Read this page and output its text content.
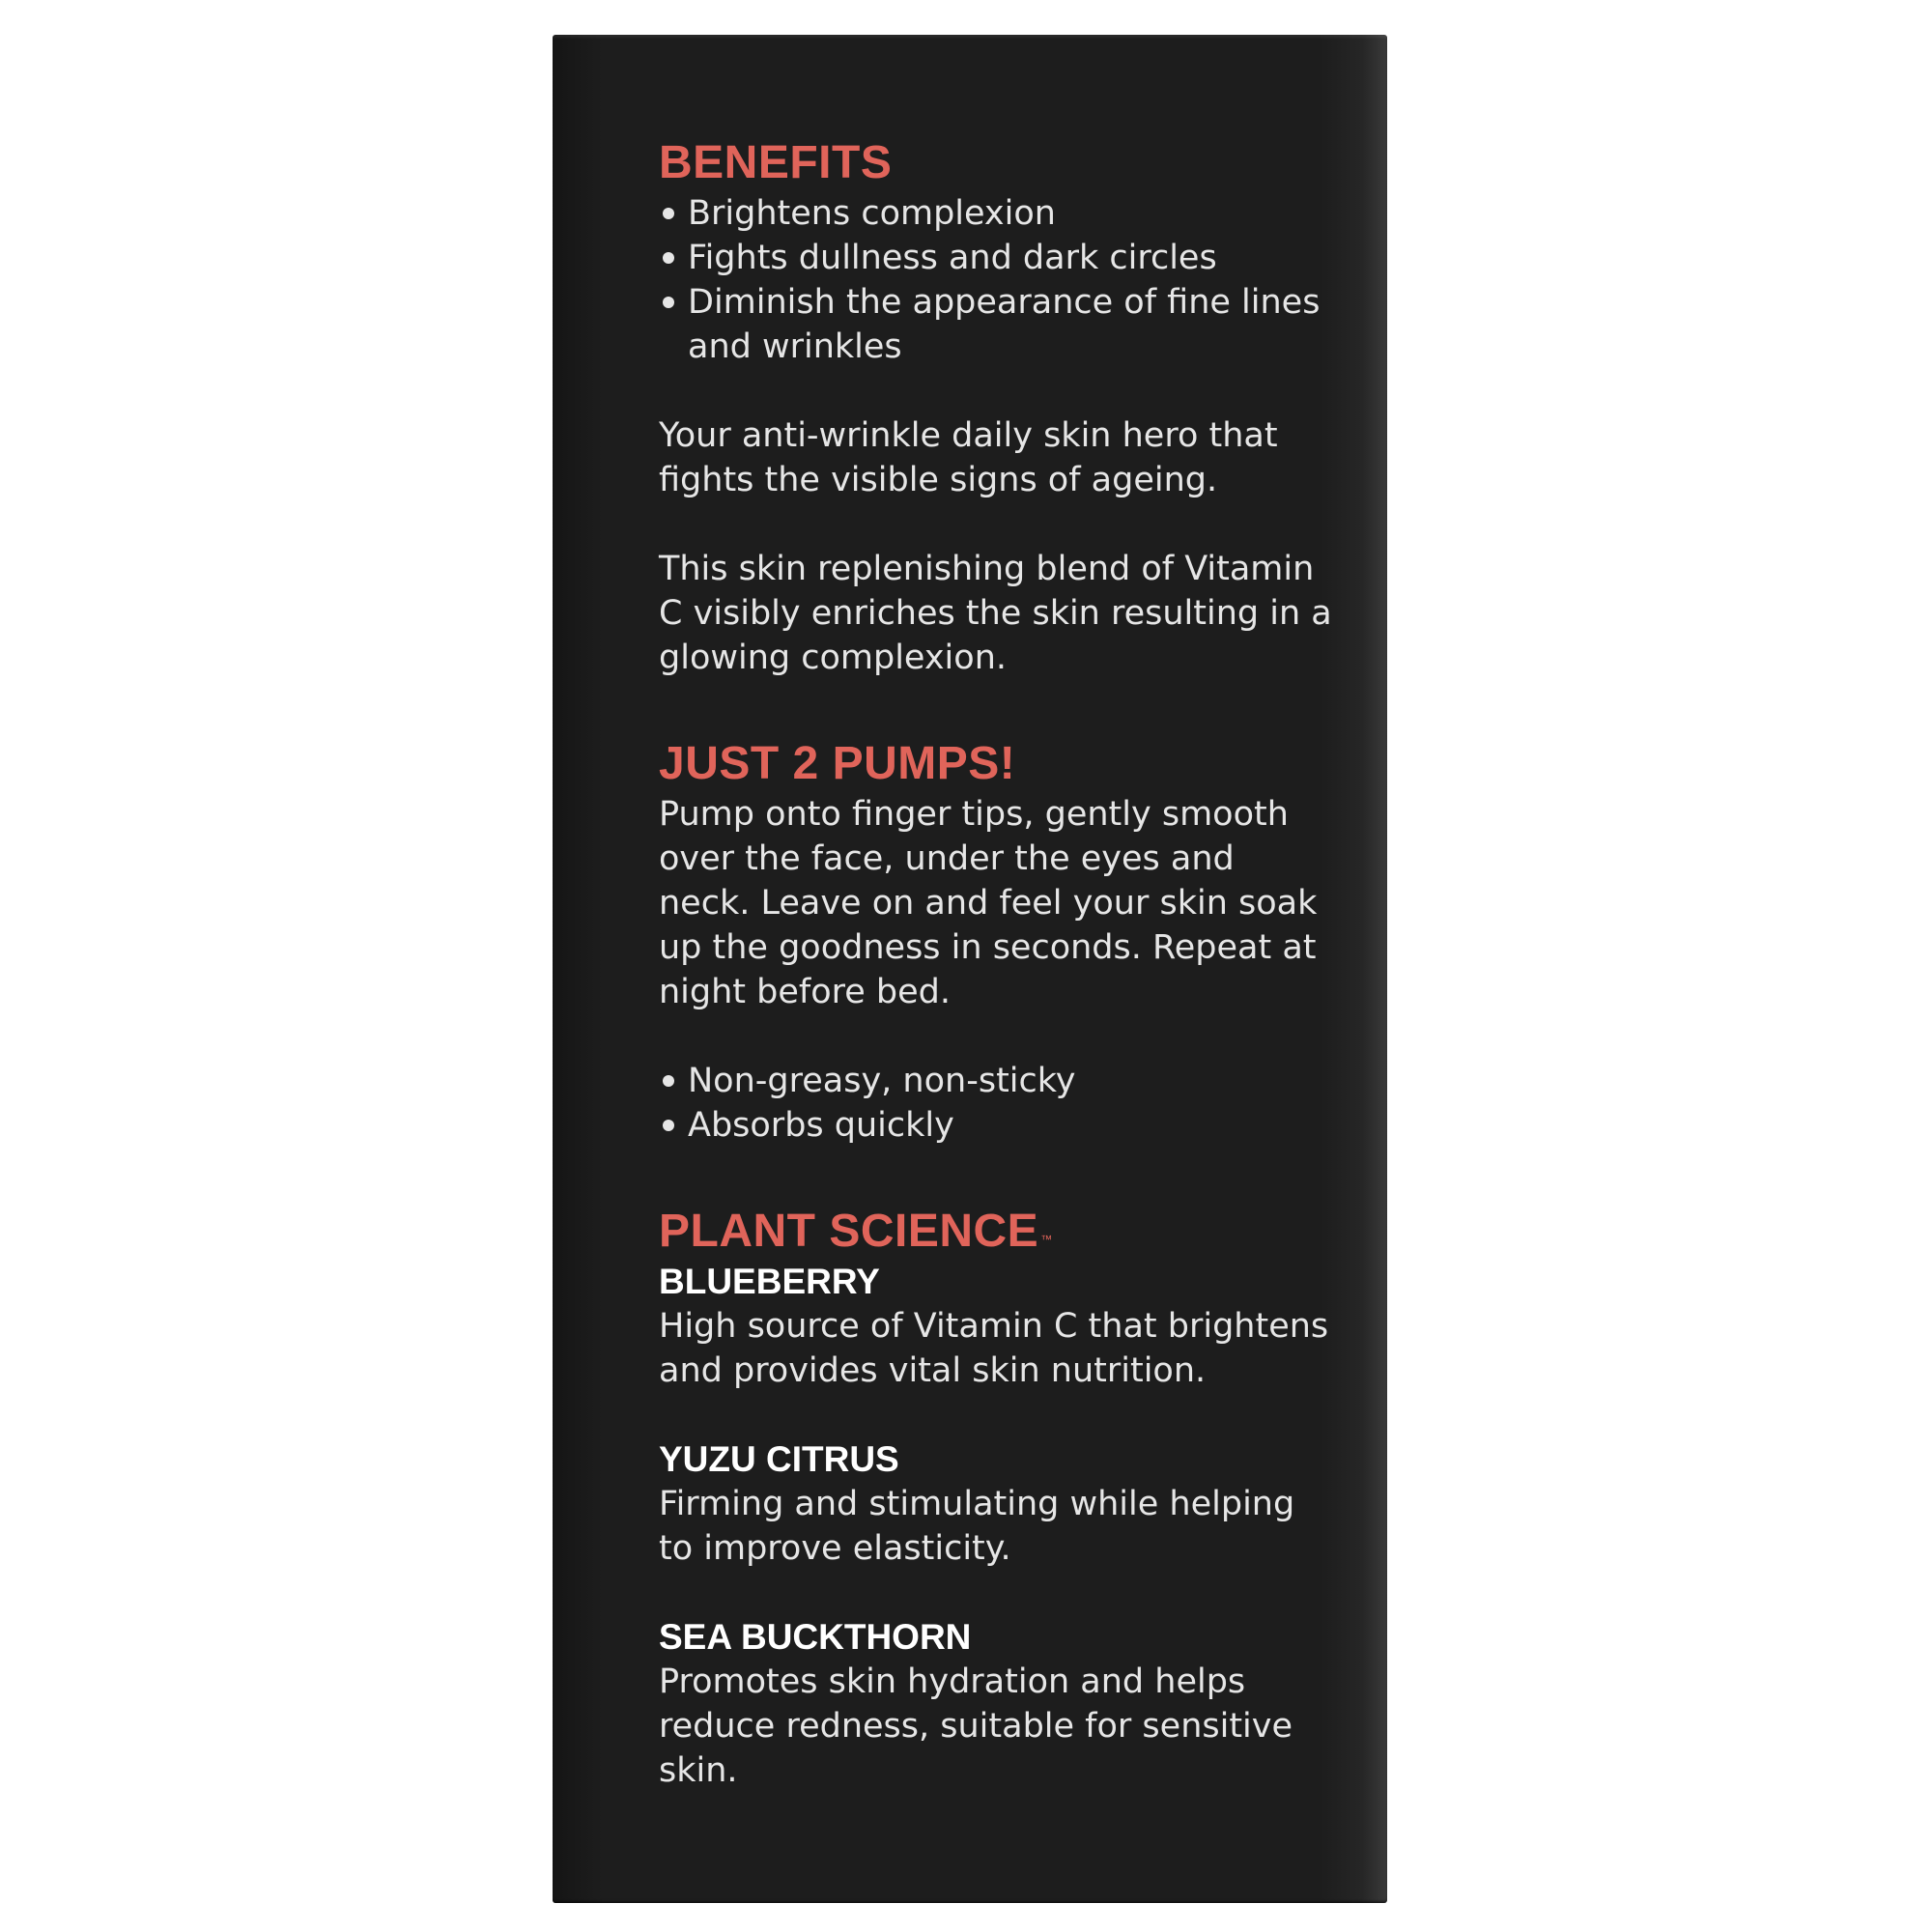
BENEFITS
Brightens complexion
Fights dullness and dark circles
Diminish the appearance of fine lines and wrinkles

Your anti-wrinkle daily skin hero that fights the visible signs of ageing.

This skin replenishing blend of Vitamin C visibly enriches the skin resulting in a glowing complexion.

JUST 2 PUMPS!

Pump onto finger tips, gently smooth over the face, under the eyes and neck. Leave on and feel your skin soak up the goodness in seconds. Repeat at night before bed.

Non-greasy, non-sticky
Absorbs quickly
PLANT SCIENCE ™
BLUEBERRY

High source of Vitamin C that brightens and provides vital skin nutrition.

YUZU CITRUS

Firming and stimulating while helping to improve elasticity.

SEA BUCKTHORN

Promotes skin hydration and helps reduce redness, suitable for sensitive skin.
